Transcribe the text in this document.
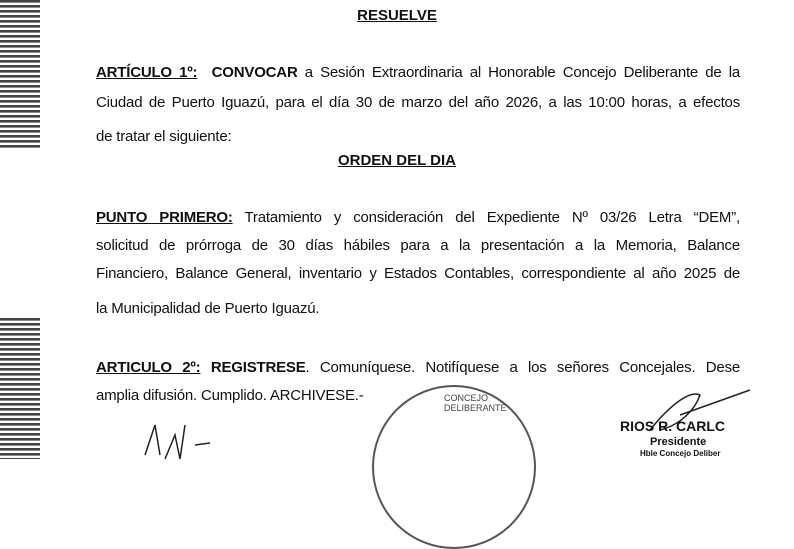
RESUELVE
ARTÍCULO 1º: CONVOCAR a Sesión Extraordinaria al Honorable Concejo Deliberante de la
Ciudad de Puerto Iguazú, para el día 30 de marzo del año 2026, a las 10:00 horas, a efectos
de tratar el siguiente:
ORDEN DEL DIA
PUNTO PRIMERO: Tratamiento y consideración del Expediente Nº 03/26 Letra “DEM”,
solicitud de prórroga de 30 días hábiles para a la presentación a la Memoria, Balance
Financiero, Balance General, inventario y Estados Contables, correspondiente al año 2025 de
la Municipalidad de Puerto Iguazú.
ARTICULO 2º: REGISTRESE. Comuníquese. Notifíquese a los señores Concejales. Dese
amplia difusión. Cumplido. ARCHIVESE.-	CONCEJO DELIBERANTE
RIOS R. CARLC
Presidente
Hble Concejo Deliber
